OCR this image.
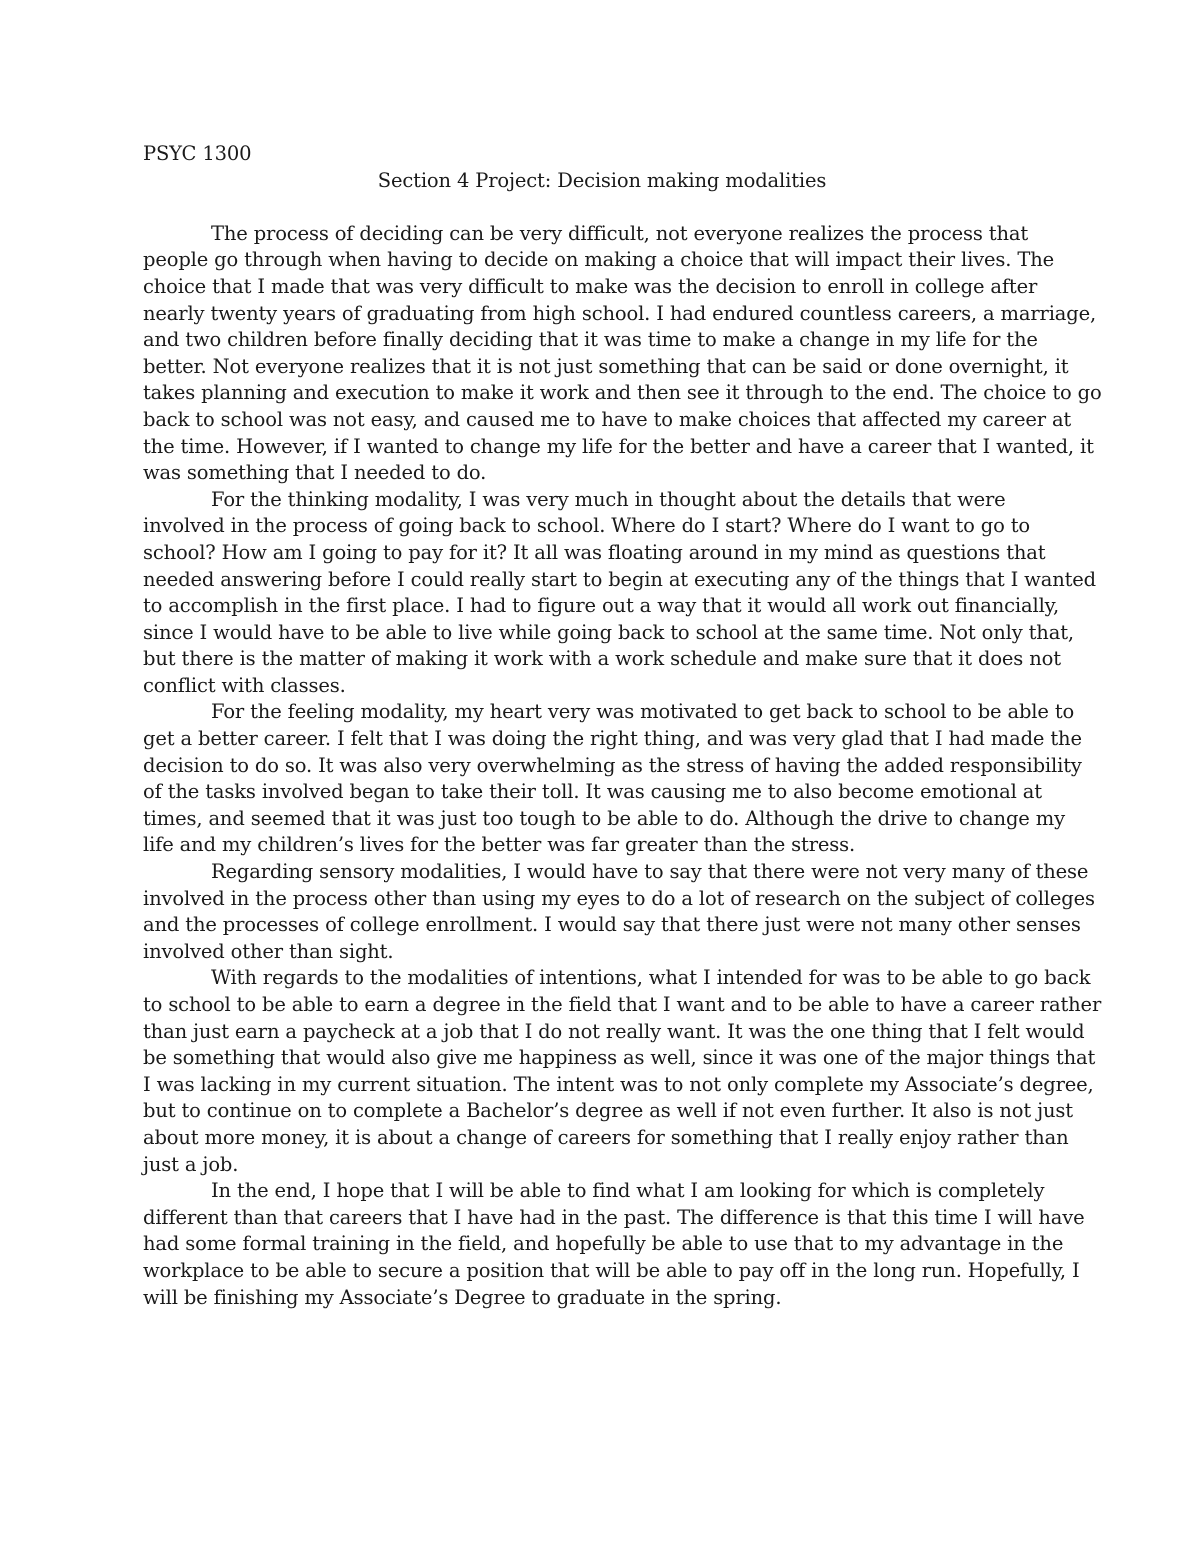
PSYC 1300

Section 4 Project: Decision making modalities

The process of deciding can be very difficult, not everyone realizes the process that
people go through when having to decide on making a choice that will impact their lives. The
choice that I made that was very difficult to make was the decision to enroll in college after
nearly twenty years of graduating from high school. I had endured countless careers, a marriage,
and two children before finally deciding that it was time to make a change in my life for the
better. Not everyone realizes that it is not just something that can be said or done overnight, it
takes planning and execution to make it work and then see it through to the end. The choice to go
back to school was not easy, and caused me to have to make choices that affected my career at
the time. However, if I wanted to change my life for the better and have a career that I wanted, it
was something that I needed to do.
For the thinking modality, I was very much in thought about the details that were
involved in the process of going back to school. Where do I start? Where do I want to go to
school? How am I going to pay for it? It all was floating around in my mind as questions that
needed answering before I could really start to begin at executing any of the things that I wanted
to accomplish in the first place. I had to figure out a way that it would all work out financially,
since I would have to be able to live while going back to school at the same time. Not only that,
but there is the matter of making it work with a work schedule and make sure that it does not
conflict with classes.
For the feeling modality, my heart very was motivated to get back to school to be able to
get a better career. I felt that I was doing the right thing, and was very glad that I had made the
decision to do so. It was also very overwhelming as the stress of having the added responsibility
of the tasks involved began to take their toll. It was causing me to also become emotional at
times, and seemed that it was just too tough to be able to do. Although the drive to change my
life and my children’s lives for the better was far greater than the stress.
Regarding sensory modalities, I would have to say that there were not very many of these
involved in the process other than using my eyes to do a lot of research on the subject of colleges
and the processes of college enrollment. I would say that there just were not many other senses
involved other than sight.
With regards to the modalities of intentions, what I intended for was to be able to go back
to school to be able to earn a degree in the field that I want and to be able to have a career rather
than just earn a paycheck at a job that I do not really want. It was the one thing that I felt would
be something that would also give me happiness as well, since it was one of the major things that
I was lacking in my current situation. The intent was to not only complete my Associate’s degree,
but to continue on to complete a Bachelor’s degree as well if not even further. It also is not just
about more money, it is about a change of careers for something that I really enjoy rather than
just a job.
In the end, I hope that I will be able to find what I am looking for which is completely
different than that careers that I have had in the past. The difference is that this time I will have
had some formal training in the field, and hopefully be able to use that to my advantage in the
workplace to be able to secure a position that will be able to pay off in the long run. Hopefully, I
will be finishing my Associate’s Degree to graduate in the spring.
